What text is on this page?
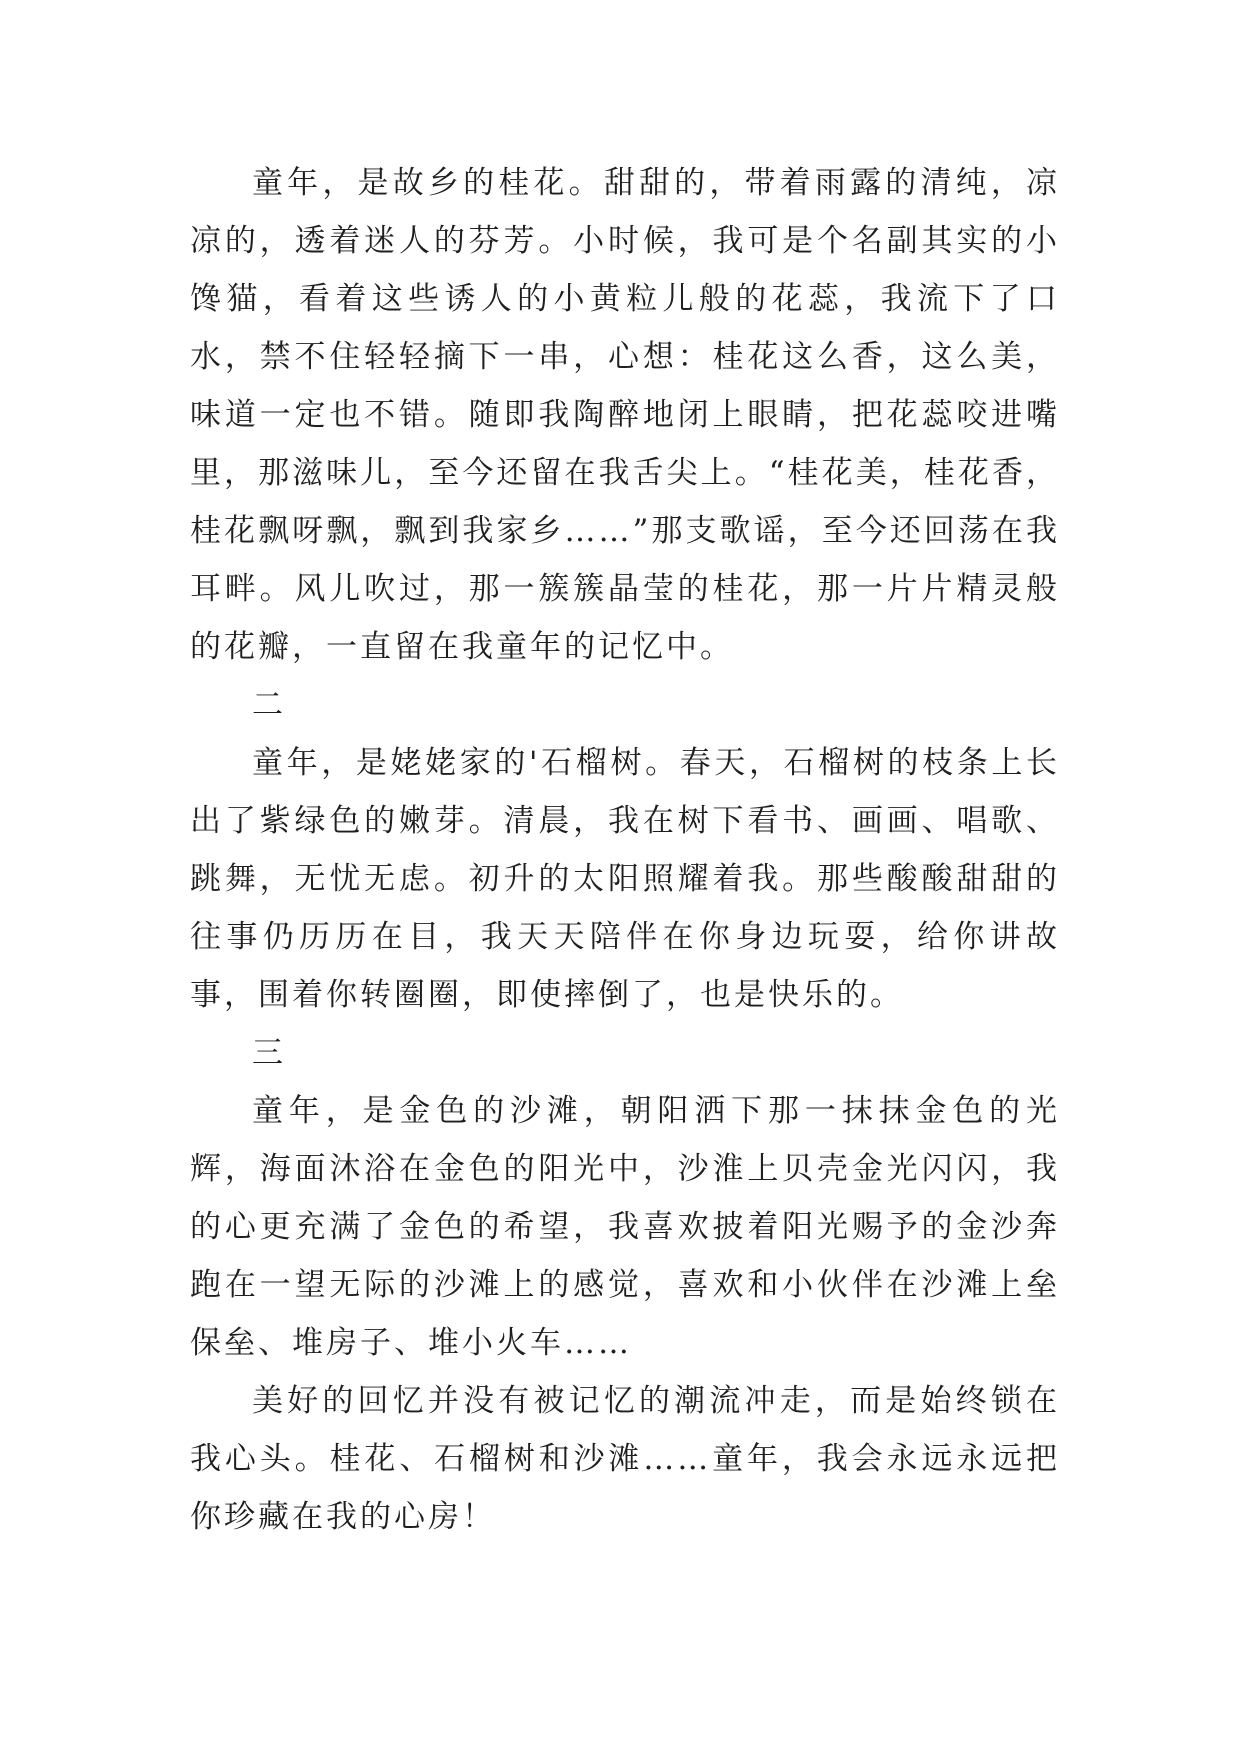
童年，是故乡的桂花。甜甜的，带着雨露的清纯，凉凉的，透着迷人的芬芳。小时候，我可是个名副其实的小馋猫，看着这些诱人的小黄粒儿般的花蕊，我流下了口水，禁不住轻轻摘下一串，心想：桂花这么香，这么美，味道一定也不错。随即我陶醉地闭上眼睛，把花蕊咬进嘴里，那滋味儿，至今还留在我舌尖上。“桂花美，桂花香，桂花飘呀飘，飘到我家乡……”那支歌谣，至今还回荡在我耳畔。风儿吹过，那一簇簇晶莹的桂花，那一片片精灵般的花瓣，一直留在我童年的记忆中。

二

童年，是姥姥家的'石榴树。春天，石榴树的枝条上长出了紫绿色的嫩芽。清晨，我在树下看书、画画、唱歌、跳舞，无忧无虑。初升的太阳照耀着我。那些酸酸甜甜的往事仍历历在目，我天天陪伴在你身边玩耍，给你讲故事，围着你转圈圈，即使摔倒了，也是快乐的。

三

童年，是金色的沙滩，朝阳洒下那一抹抹金色的光辉，海面沐浴在金色的阳光中，沙淮上贝壳金光闪闪，我的心更充满了金色的希望，我喜欢披着阳光赐予的金沙奔跑在一望无际的沙滩上的感觉，喜欢和小伙伴在沙滩上垒保垒、堆房子、堆小火车……

美好的回忆并没有被记忆的潮流冲走，而是始终锁在我心头。桂花、石榴树和沙滩……童年，我会永远永远把你珍藏在我的心房！
